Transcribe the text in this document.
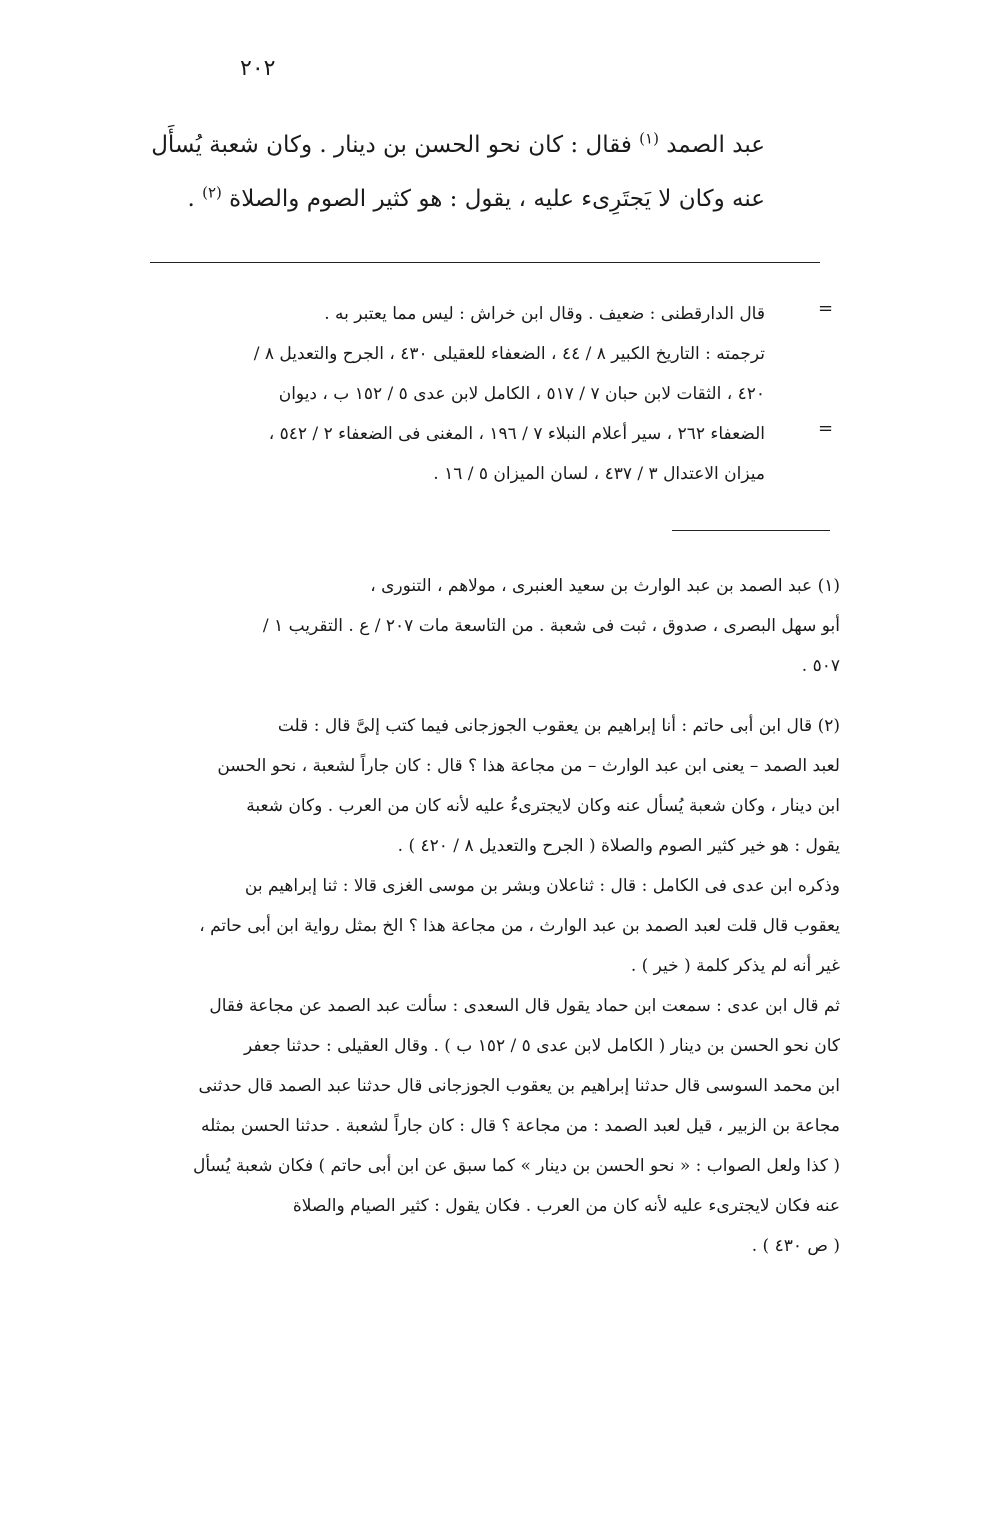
٢٠٢

عبد الصمد $^{(١)}$ فقال : كان نحو الحسن بن دينار . وكان شعبة يُسأَل

عنه وكان لا يَجتَرِىء عليه ، يقول : هو كثير الصوم والصلاة $^{(٢)}$ .

=
=

قال الدارقطنى : ضعيف . وقال ابن خراش : ليس مما يعتبر به .

ترجمته : التاريخ الكبير ٨ / ٤٤ ، الضعفاء للعقيلى ٤٣٠ ، الجرح والتعديل ٨ /

٤٢٠ ، الثقات لابن حبان ٧ / ٥١٧ ، الكامل لابن عدى ٥ / ١٥٢ ب ، ديوان

الضعفاء ٢٦٢ ، سير أعلام النبلاء ٧ / ١٩٦ ، المغنى فى الضعفاء ٢ / ٥٤٢ ،

ميزان الاعتدال ٣ / ٤٣٧ ، لسان الميزان ٥ / ١٦ .

(١) عبد الصمد بن عبد الوارث بن سعيد العنبرى ، مولاهم ، التنورى ،

أبو سهل البصرى ، صدوق ، ثبت فى شعبة . من التاسعة مات ٢٠٧ / ع . التقريب ١ /

٥٠٧ .

(٢) قال ابن أبى حاتم : أنا إبراهيم بن يعقوب الجوزجانى فيما كتب إلىَّ قال : قلت

لعبد الصمد – يعنى ابن عبد الوارث – من مجاعة هذا ؟ قال : كان جاراً لشعبة ، نحو الحسن

ابن دينار ، وكان شعبة يُسأل عنه وكان لايجترىءُ عليه لأنه كان من العرب . وكان شعبة

يقول : هو خير كثير الصوم والصلاة ( الجرح والتعديل ٨ / ٤٢٠ ) .

وذكره ابن عدى فى الكامل : قال : ثناعلان وبشر بن موسى الغزى قالا : ثنا إبراهيم بن

يعقوب قال قلت لعبد الصمد بن عبد الوارث ، من مجاعة هذا ؟ الخ بمثل رواية ابن أبى حاتم ،

غير أنه لم يذكر كلمة ( خير ) .

ثم قال ابن عدى : سمعت ابن حماد يقول قال السعدى : سألت عبد الصمد عن مجاعة فقال

كان نحو الحسن بن دينار ( الكامل لابن عدى ٥ / ١٥٢ ب ) . وقال العقيلى : حدثنا جعفر

ابن محمد السوسى قال حدثنا إبراهيم بن يعقوب الجوزجانى قال حدثنا عبد الصمد قال حدثنى

مجاعة بن الزبير ، قيل لعبد الصمد : من مجاعة ؟ قال : كان جاراً لشعبة . حدثنا الحسن بمثله

( كذا ولعل الصواب : « نحو الحسن بن دينار » كما سبق عن ابن أبى حاتم ) فكان شعبة يُسأل

عنه فكان لايجترىء عليه لأنه كان من العرب . فكان يقول : كثير الصيام والصلاة

( ص ٤٣٠ ) .
